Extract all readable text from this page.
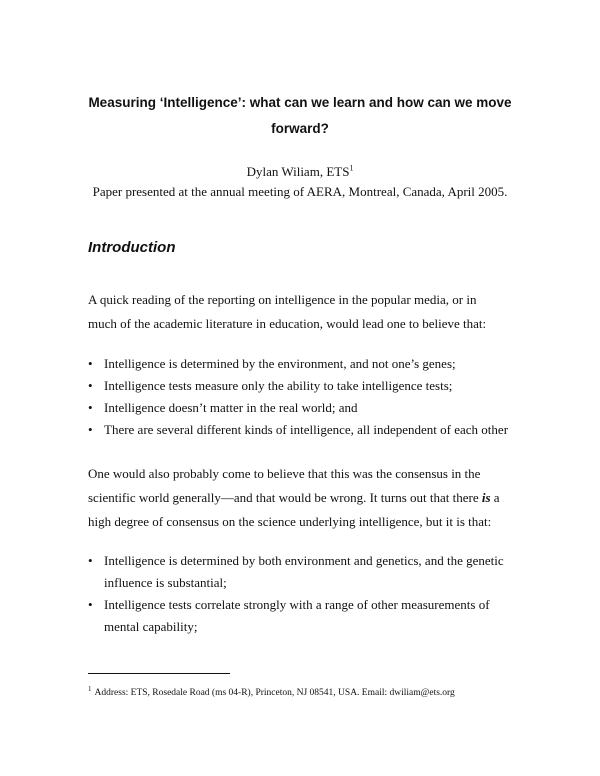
Measuring ‘Intelligence’: what can we learn and how can we move forward?
Dylan Wiliam, ETS$^1$
Paper presented at the annual meeting of AERA, Montreal, Canada, April 2005.
Introduction

A quick reading of the reporting on intelligence in the popular media, or in much of the academic literature in education, would lead one to believe that:

• Intelligence is determined by the environment, and not one’s genes;
• Intelligence tests measure only the ability to take intelligence tests;
• Intelligence doesn’t matter in the real world; and
• There are several different kinds of intelligence, all independent of each other

One would also probably come to believe that this was the consensus in the scientific world generally—and that would be wrong. It turns out that there is a high degree of consensus on the science underlying intelligence, but it is that:

• Intelligence is determined by both environment and genetics, and the genetic influence is substantial;
• Intelligence tests correlate strongly with a range of other measurements of mental capability;
$^1$ Address: ETS, Rosedale Road (ms 04-R), Princeton, NJ 08541, USA. Email: dwiliam@ets.org
